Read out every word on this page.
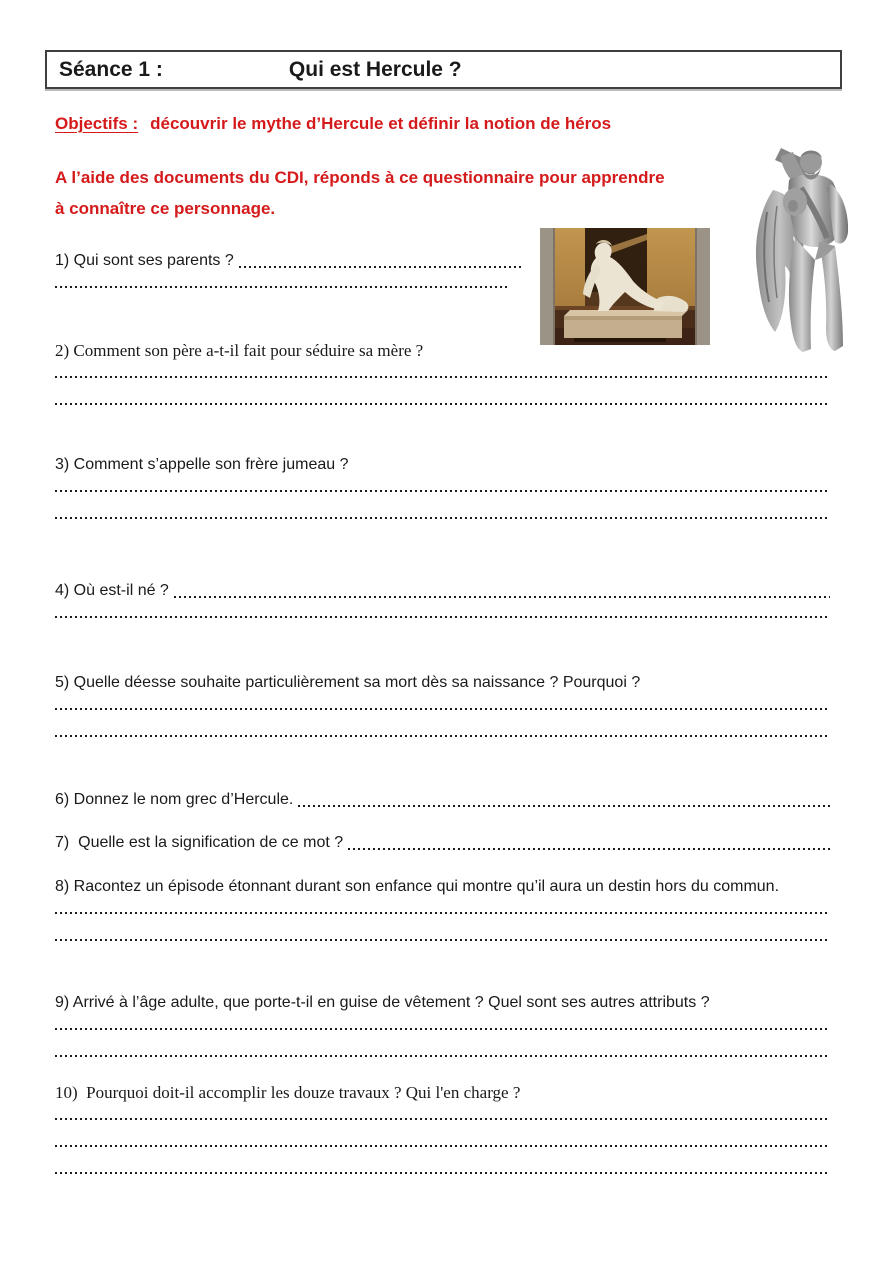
Séance 1 :	Qui est Hercule ?
Objectifs : découvrir le mythe d’Hercule et définir la notion de héros
A l’aide des documents du CDI, réponds à ce questionnaire pour apprendre
à connaître ce personnage.
1) Qui sont ses parents ?
2) Comment son père a-t-il fait pour séduire sa mère ?
3) Comment s’appelle son frère jumeau ?
4) Où est-il né ?
5) Quelle déesse souhaite particulièrement sa mort dès sa naissance ? Pourquoi ?
6) Donnez le nom grec d’Hercule.
7)  Quelle est la signification de ce mot ?
8) Racontez un épisode étonnant durant son enfance qui montre qu’il aura un destin hors du commun.
9) Arrivé à l’âge adulte, que porte-t-il en guise de vêtement ? Quel sont ses autres attributs ?
10)  Pourquoi doit-il accomplir les douze travaux ? Qui l'en charge ?
